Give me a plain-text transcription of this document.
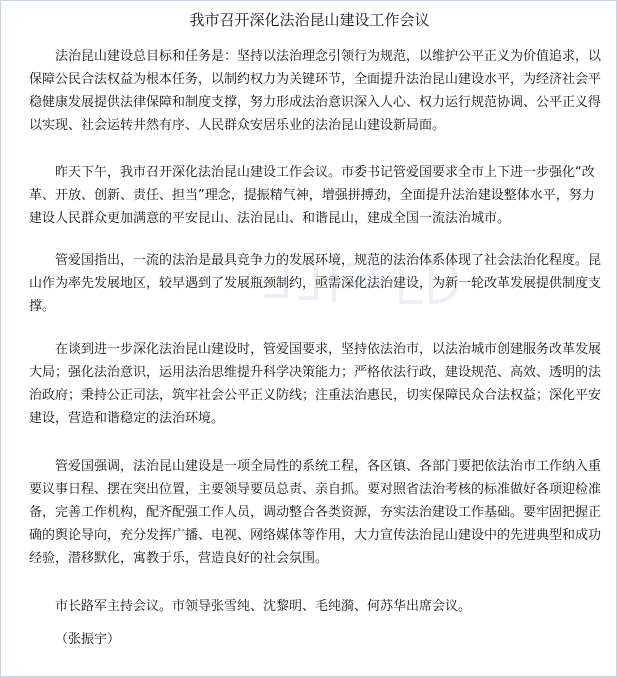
我市召开深化法治昆山建设工作会议

法治昆山建设总目标和任务是：坚持以法治理念引领行为规范，以维护公平正义为价值追求，以保障公民合法权益为根本任务，以制约权力为关键环节，全面提升法治昆山建设水平，为经济社会平稳健康发展提供法律保障和制度支撑，努力形成法治意识深入人心、权力运行规范协调、公平正义得以实现、社会运转井然有序、人民群众安居乐业的法治昆山建设新局面。

昨天下午，我市召开深化法治昆山建设工作会议。市委书记管爱国要求全市上下进一步强化“改革、开放、创新、责任、担当”理念，提振精气神，增强拼搏劲，全面提升法治建设整体水平，努力建设人民群众更加满意的平安昆山、法治昆山、和谐昆山，建成全国一流法治城市。

管爱国指出，一流的法治是最具竞争力的发展环境，规范的法治体系体现了社会法治化程度。昆山作为率先发展地区，较早遇到了发展瓶颈制约，亟需深化法治建设，为新一轮改革发展提供制度支撑。

在谈到进一步深化法治昆山建设时，管爱国要求，坚持依法治市，以法治城市创建服务改革发展大局；强化法治意识，运用法治思维提升科学决策能力；严格依法行政，建设规范、高效、透明的法治政府；秉持公正司法，筑牢社会公平正义防线；注重法治惠民，切实保障民众合法权益；深化平安建设，营造和谐稳定的法治环境。

管爱国强调，法治昆山建设是一项全局性的系统工程，各区镇、各部门要把依法治市工作纳入重要议事日程、摆在突出位置，主要领导要员总责、亲自抓。要对照省法治考核的标准做好各项迎检准备，完善工作机构，配齐配强工作人员，调动整合各类资源，夯实法治建设工作基础。要牢固把握正确的舆论导向，充分发挥广播、电视、网络媒体等作用，大力宣传法治昆山建设中的先进典型和成功经验，潜移默化，寓教于乐，营造良好的社会氛围。

市长路军主持会议。市领导张雪纯、沈黎明、毛纯漪、何苏华出席会议。

（张振宇）
